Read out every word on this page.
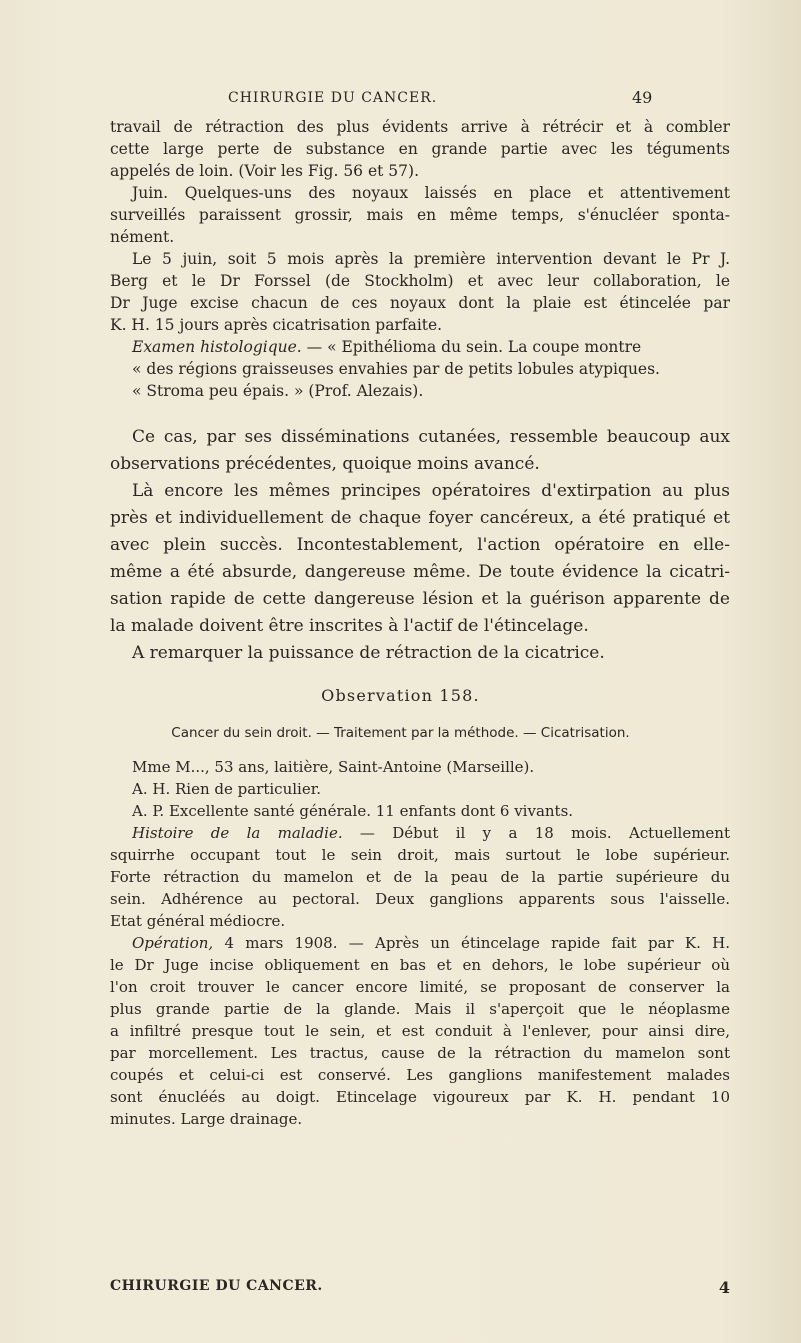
CHIRURGIE DU CANCER.	49
travail de rétraction des plus évidents arrive à rétrécir et à combler
cette large perte de substance en grande partie avec les téguments
appelés de loin. (Voir les Fig. 56 et 57).
Juin. Quelques-uns des noyaux laissés en place et attentivement
surveillés paraissent grossir, mais en même temps, s'énucléer sponta-
nément.
Le 5 juin, soit 5 mois après la première intervention devant le Pr J.
Berg et le Dr Forssel (de Stockholm) et avec leur collaboration, le
Dr Juge excise chacun de ces noyaux dont la plaie est étincelée par
K. H. 15 jours après cicatrisation parfaite.
Examen histologique. — « Epithélioma du sein. La coupe montre
« des régions graisseuses envahies par de petits lobules atypiques.
« Stroma peu épais. » (Prof. Alezais).
Ce cas, par ses disséminations cutanées, ressemble beaucoup aux
observations précédentes, quoique moins avancé.
Là encore les mêmes principes opératoires d'extirpation au plus
près et individuellement de chaque foyer cancéreux, a été pratiqué et
avec plein succès. Incontestablement, l'action opératoire en elle-
même a été absurde, dangereuse même. De toute évidence la cicatri-
sation rapide de cette dangereuse lésion et la guérison apparente de
la malade doivent être inscrites à l'actif de l'étincelage.
A remarquer la puissance de rétraction de la cicatrice.
Observation 158.
Cancer du sein droit. — Traitement par la méthode. — Cicatrisation.
Mme M..., 53 ans, laitière, Saint-Antoine (Marseille).
A. H. Rien de particulier.
A. P. Excellente santé générale. 11 enfants dont 6 vivants.
Histoire de la maladie. — Début il y a 18 mois. Actuellement
squirrhe occupant tout le sein droit, mais surtout le lobe supérieur.
Forte rétraction du mamelon et de la peau de la partie supérieure du
sein. Adhérence au pectoral. Deux ganglions apparents sous l'aisselle.
Etat général médiocre.
Opération, 4 mars 1908. — Après un étincelage rapide fait par K. H.
le Dr Juge incise obliquement en bas et en dehors, le lobe supérieur où
l'on croit trouver le cancer encore limité, se proposant de conserver la
plus grande partie de la glande. Mais il s'aperçoit que le néoplasme
a infiltré presque tout le sein, et est conduit à l'enlever, pour ainsi dire,
par morcellement. Les tractus, cause de la rétraction du mamelon sont
coupés et celui-ci est conservé. Les ganglions manifestement malades
sont énucléés au doigt. Etincelage vigoureux par K. H. pendant 10
minutes. Large drainage.
CHIRURGIE DU CANCER.	4
